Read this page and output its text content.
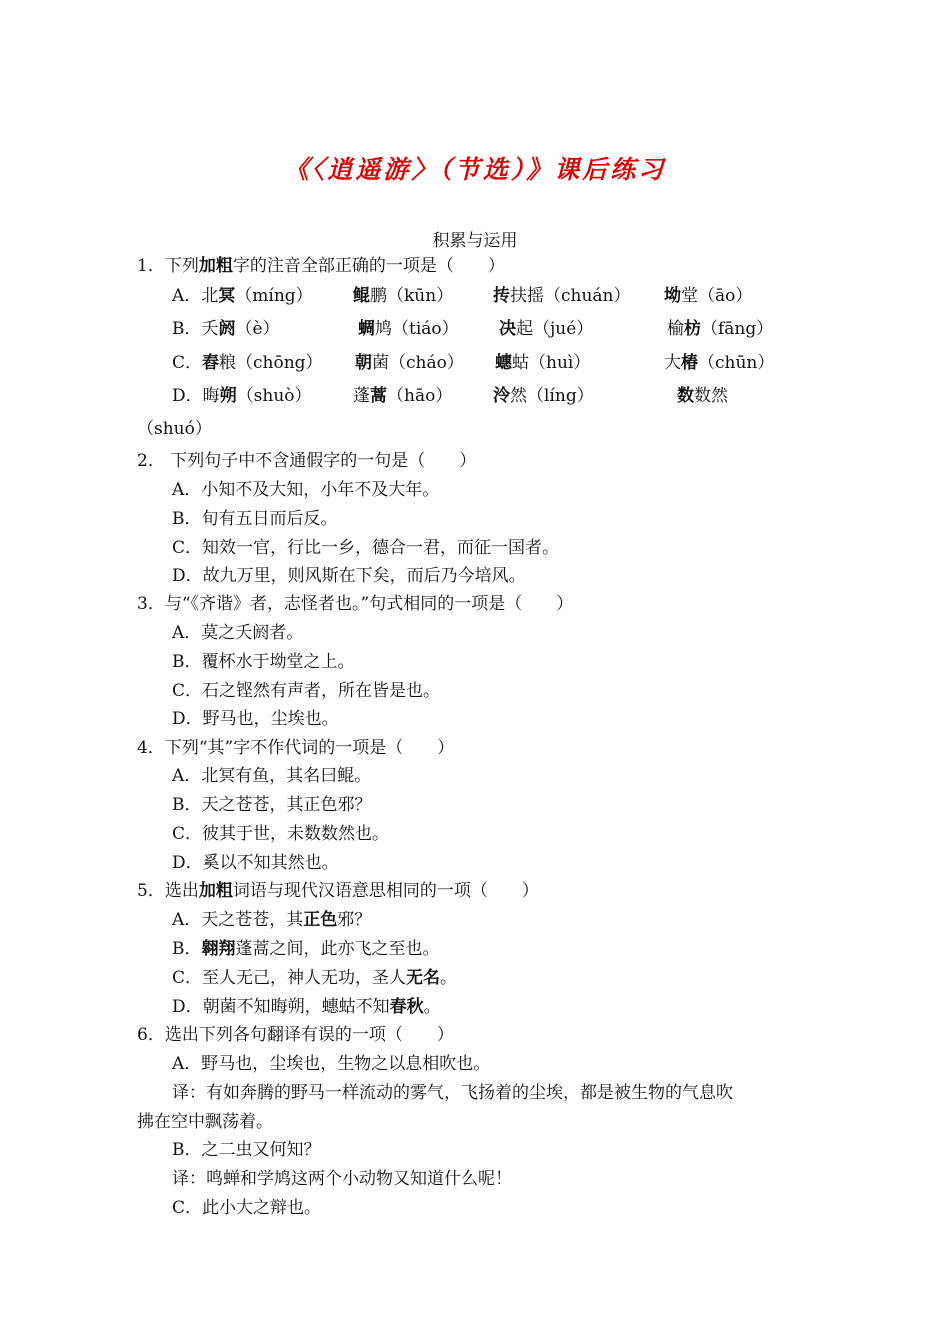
《〈逍遥游〉（节选）》课后练习
积累与运用
1．下列加粗字的注音全部正确的一项是（　　）
A．北冥（míng） 鲲鹏（kūn） 抟扶摇（chuán） 坳堂（āo）
B．夭阏（è）	蜩鸠（tiáo） 决起（jué）	榆枋（fāng）
C．舂粮（chōng） 朝菌（cháo） 蟪蛄（huì）	大椿（chūn）
D．晦朔（shuò） 蓬蒿（hāo） 泠然（líng）	数数然
（shuó）
2． 下列句子中不含通假字的一句是（　　）
A．小知不及大知，小年不及大年。
B．旬有五日而后反。
C．知效一官，行比一乡，德合一君，而征一国者。
D．故九万里，则风斯在下矣，而后乃今培风。
3．与“《齐谐》者，志怪者也。”句式相同的一项是（　　）
A．莫之夭阏者。
B．覆杯水于坳堂之上。
C．石之铿然有声者，所在皆是也。
D．野马也，尘埃也。
4．下列“其”字不作代词的一项是（　　）
A．北冥有鱼，其名曰鲲。
B．天之苍苍，其正色邪？
C．彼其于世，未数数然也。
D．奚以不知其然也。
5．选出加粗词语与现代汉语意思相同的一项（　　）
A．天之苍苍，其正色邪？
B．翱翔蓬蒿之间，此亦飞之至也。
C．至人无己，神人无功，圣人无名。
D．朝菌不知晦朔，蟪蛄不知春秋。
6．选出下列各句翻译有误的一项（　　）
A．野马也，尘埃也，生物之以息相吹也。
译：有如奔腾的野马一样流动的雾气，飞扬着的尘埃，都是被生物的气息吹
拂在空中飘荡着。
B．之二虫又何知？
译：鸣蝉和学鸠这两个小动物又知道什么呢！
C．此小大之辩也。
